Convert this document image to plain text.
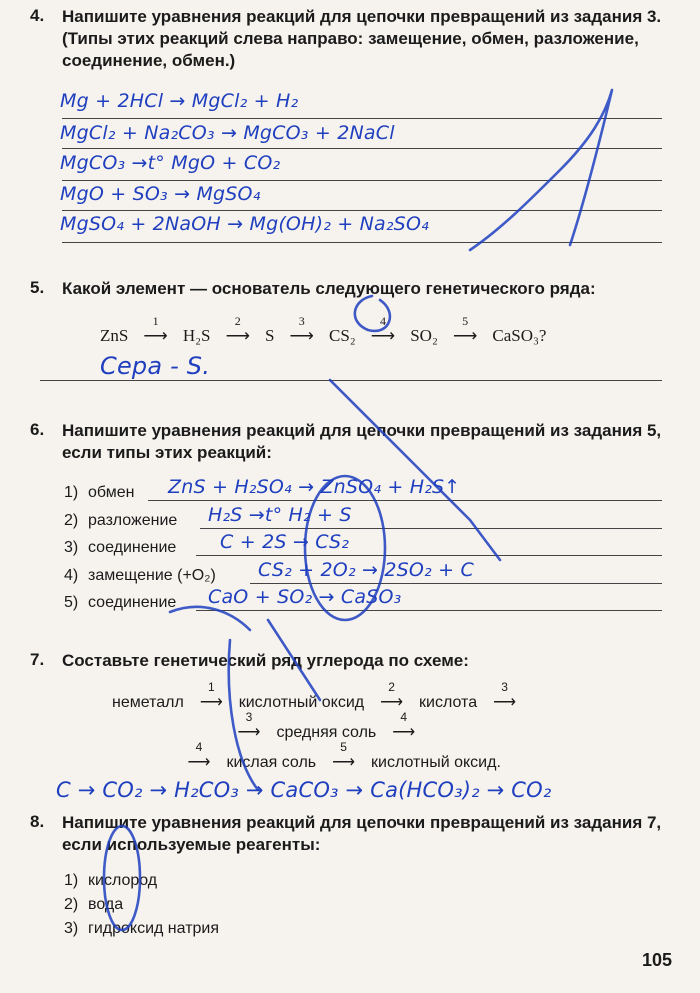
4. Напишите уравнения реакций для цепочки превращений из задания 3. (Типы этих реакций слева направо: замещение, обмен, разложение, соединение, обмен.)
Mg + 2HCl → MgCl₂ + H₂
MgCl₂ + Na₂CO₃ → MgCO₃ + 2NaCl
MgCO₃ →t° MgO + CO₂
MgO + SO₃ → MgSO₄
MgSO₄ + 2NaOH → Mg(OH)₂ + Na₂SO₄
5. Какой элемент — основатель следующего генетического ряда:
ZnS
1
⟶ H₂S
2
⟶ S
3
⟶ CS₂
4
⟶ SO₂
5
⟶ CaSO₃?
Сера - S.
6. Напишите уравнения реакций для цепочки превращений из задания 5, если типы этих реакций:
1) обмен ZnS + H₂SO₄ → ZnSO₄ + H₂S↑
2) разложение H₂S →t° H₂ + S
3) соединение C + 2S → CS₂
4) замещение (+O₂) CS₂ + 2O₂ → 2SO₂ + C
5) соединение CaO + SO₂ → CaSO₃
7. Составьте генетический ряд углерода по схеме:
неметалл
1
⟶ кислотный оксид
2
⟶ кислота
3
⟶
3
⟶ средняя соль
4
⟶
4
⟶ кислая соль
5
⟶ кислотный оксид.
C → CO₂ → H₂CO₃ → CaCO₃ → Ca(HCO₃)₂ → CO₂
8. Напишите уравнения реакций для цепочки превращений из задания 7, если используемые реагенты:
1) кислород
2) вода
3) гидроксид натрия
105
